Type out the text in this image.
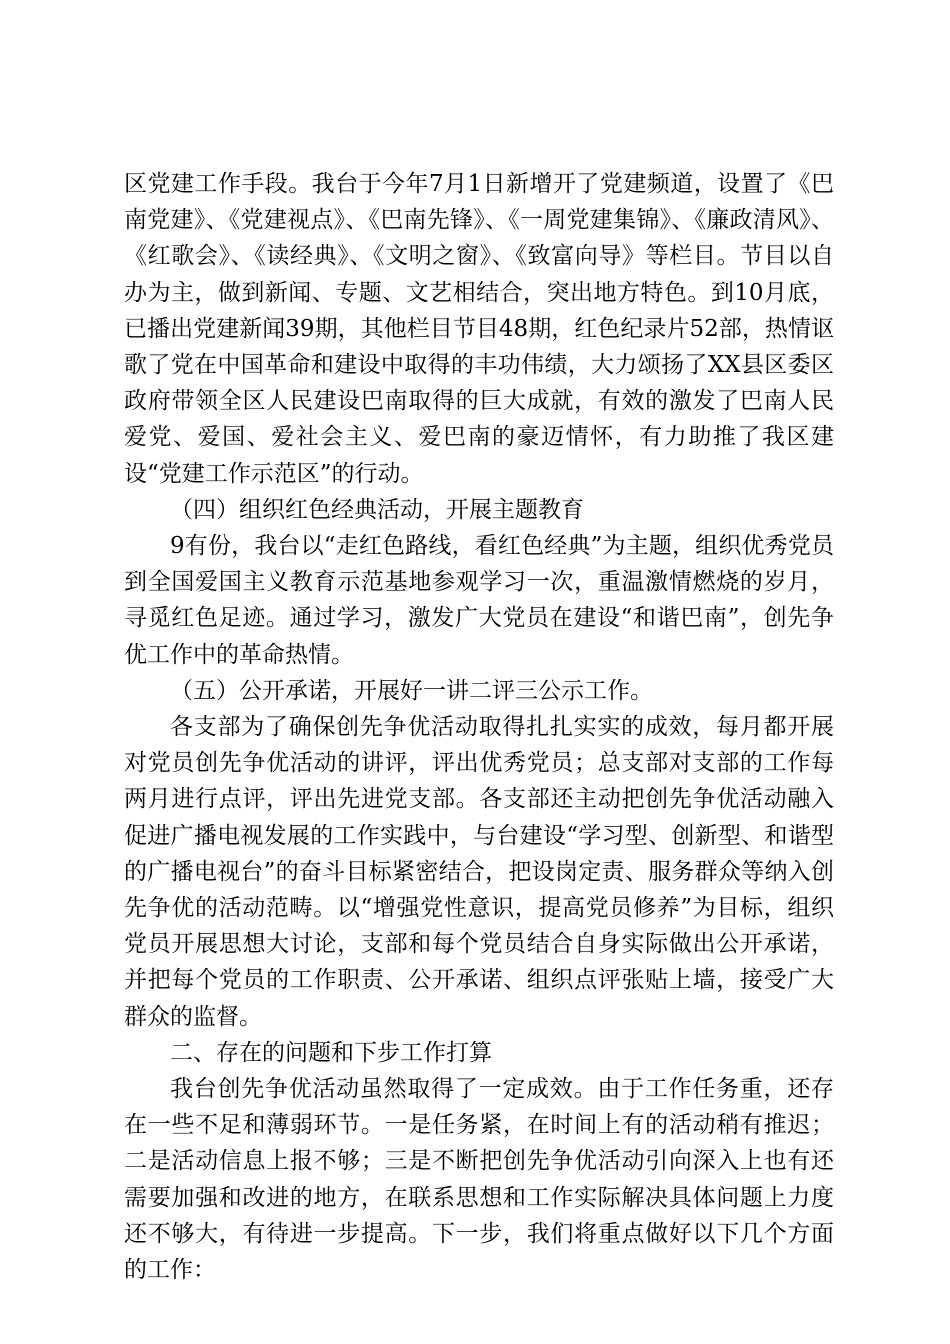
区党建工作手段。我台于今年7月1日新增开了党建频道，设置了《巴南党建》、《党建视点》、《巴南先锋》、《一周党建集锦》、《廉政清风》、《红歌会》、《读经典》、《文明之窗》、《致富向导》等栏目。节目以自办为主，做到新闻、专题、文艺相结合，突出地方特色。到10月底，已播出党建新闻39期，其他栏目节目48期，红色纪录片52部，热情讴歌了党在中国革命和建设中取得的丰功伟绩，大力颂扬了XX县区委区政府带领全区人民建设巴南取得的巨大成就，有效的激发了巴南人民爱党、爱国、爱社会主义、爱巴南的豪迈情怀，有力助推了我区建设“党建工作示范区”的行动。

（四）组织红色经典活动，开展主题教育

9有份，我台以“走红色路线，看红色经典”为主题，组织优秀党员到全国爱国主义教育示范基地参观学习一次，重温激情燃烧的岁月，寻觅红色足迹。通过学习，激发广大党员在建设“和谐巴南”，创先争优工作中的革命热情。

（五）公开承诺，开展好一讲二评三公示工作。

各支部为了确保创先争优活动取得扎扎实实的成效，每月都开展对党员创先争优活动的讲评，评出优秀党员；总支部对支部的工作每两月进行点评，评出先进党支部。各支部还主动把创先争优活动融入促进广播电视发展的工作实践中，与台建设“学习型、创新型、和谐型的广播电视台”的奋斗目标紧密结合，把设岗定责、服务群众等纳入创先争优的活动范畴。以“增强党性意识，提高党员修养”为目标，组织党员开展思想大讨论，支部和每个党员结合自身实际做出公开承诺，并把每个党员的工作职责、公开承诺、组织点评张贴上墙，接受广大群众的监督。

二、存在的问题和下步工作打算

我台创先争优活动虽然取得了一定成效。由于工作任务重，还存在一些不足和薄弱环节。一是任务紧，在时间上有的活动稍有推迟；二是活动信息上报不够；三是不断把创先争优活动引向深入上也有还需要加强和改进的地方，在联系思想和工作实际解决具体问题上力度还不够大，有待进一步提高。下一步，我们将重点做好以下几个方面的工作：
